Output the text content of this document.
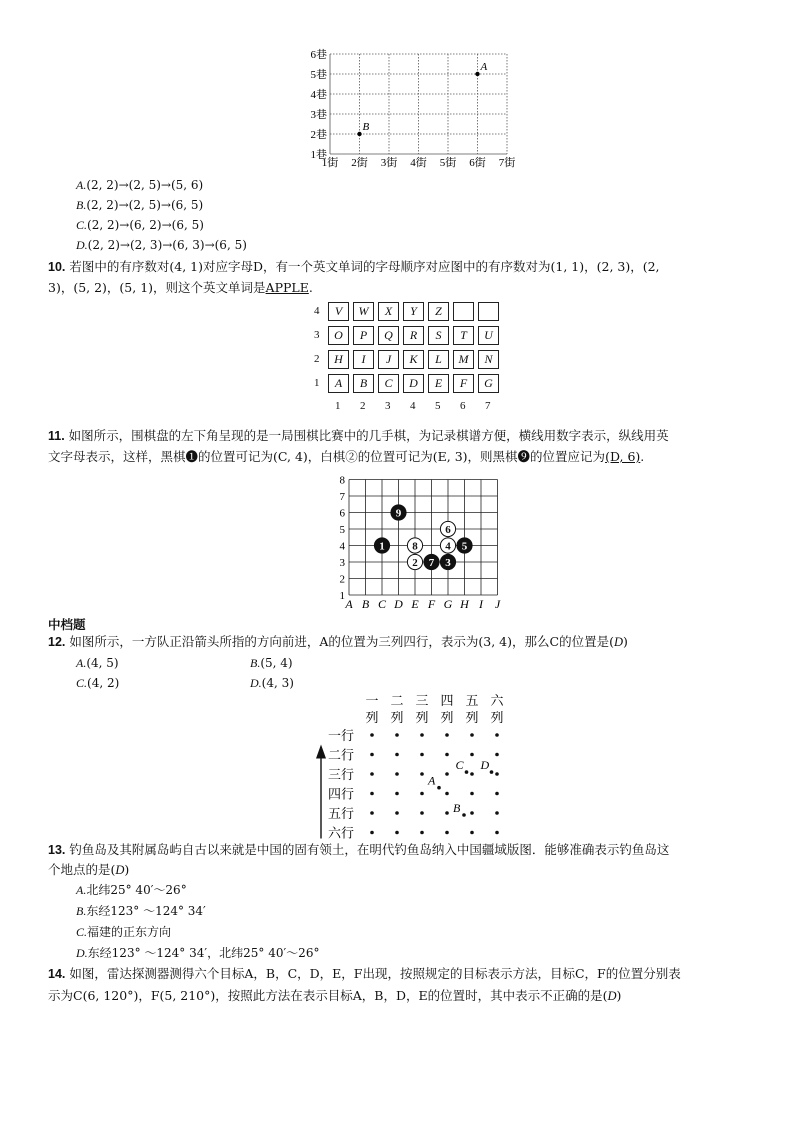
1街 2街 3街 4街 5街 6街 7街
6巷
5巷
4巷
3巷
2巷
1巷
A
B
A.(2, 2)→(2, 5)→(5, 6)
B.(2, 2)→(2, 5)→(6, 5)
C.(2, 2)→(6, 2)→(6, 5)
D.(2, 2)→(2, 3)→(6, 3)→(6, 5)
10. 若图中的有序数对(4, 1)对应字母D，有一个英文单词的字母顺序对应图中的有序数对为(1, 1)，(2, 3)，(2,
3)，(5, 2)，(5, 1)，则这个英文单词是APPLE.
4	V	W	X	Y	Z
3	O	P	Q	R	S	T	U
2	H	I	J	K	L	M	N
1	A	B	C	D	E	F	G
1 2 3 4 5 6 7
11. 如图所示，围棋盘的左下角呈现的是一局围棋比赛中的几手棋，为记录棋谱方便，横线用数字表示，纵线用英
文字母表示，这样，黑棋❶的位置可记为(C, 4)，白棋②的位置可记为(E, 3)，则黑棋❾的位置应记为(D, 6).
A B C D E F G H I J
1
2
3
4
5
6
7
8
1
2	3
4 5
6
7
8
9
中档题
12. 如图所示，一方队正沿箭头所指的方向前进，A的位置为三列四行，表示为(3, 4)，那么C的位置是(D)
A.(4, 5)	B.(5, 4)
C.(4, 2)	D.(4, 3)
一
列
二
列
三
列
四
列
五
列
六
列
一行
二行
三行
四行
五行
六行
A
B
C D
13. 钓鱼岛及其附属岛屿自古以来就是中国的固有领土，在明代钓鱼岛纳入中国疆域版图．能够准确表示钓鱼岛这
个地点的是(D)
A.北纬25° 40′～26°
B.东经123° ～124° 34′
C.福建的正东方向
D.东经123° ～124° 34′，北纬25° 40′～26°
14. 如图，雷达探测器测得六个目标A，B，C，D，E，F出现，按照规定的目标表示方法，目标C，F的位置分别表
示为C(6, 120°)，F(5, 210°)，按照此方法在表示目标A，B，D，E的位置时，其中表示不正确的是(D)
